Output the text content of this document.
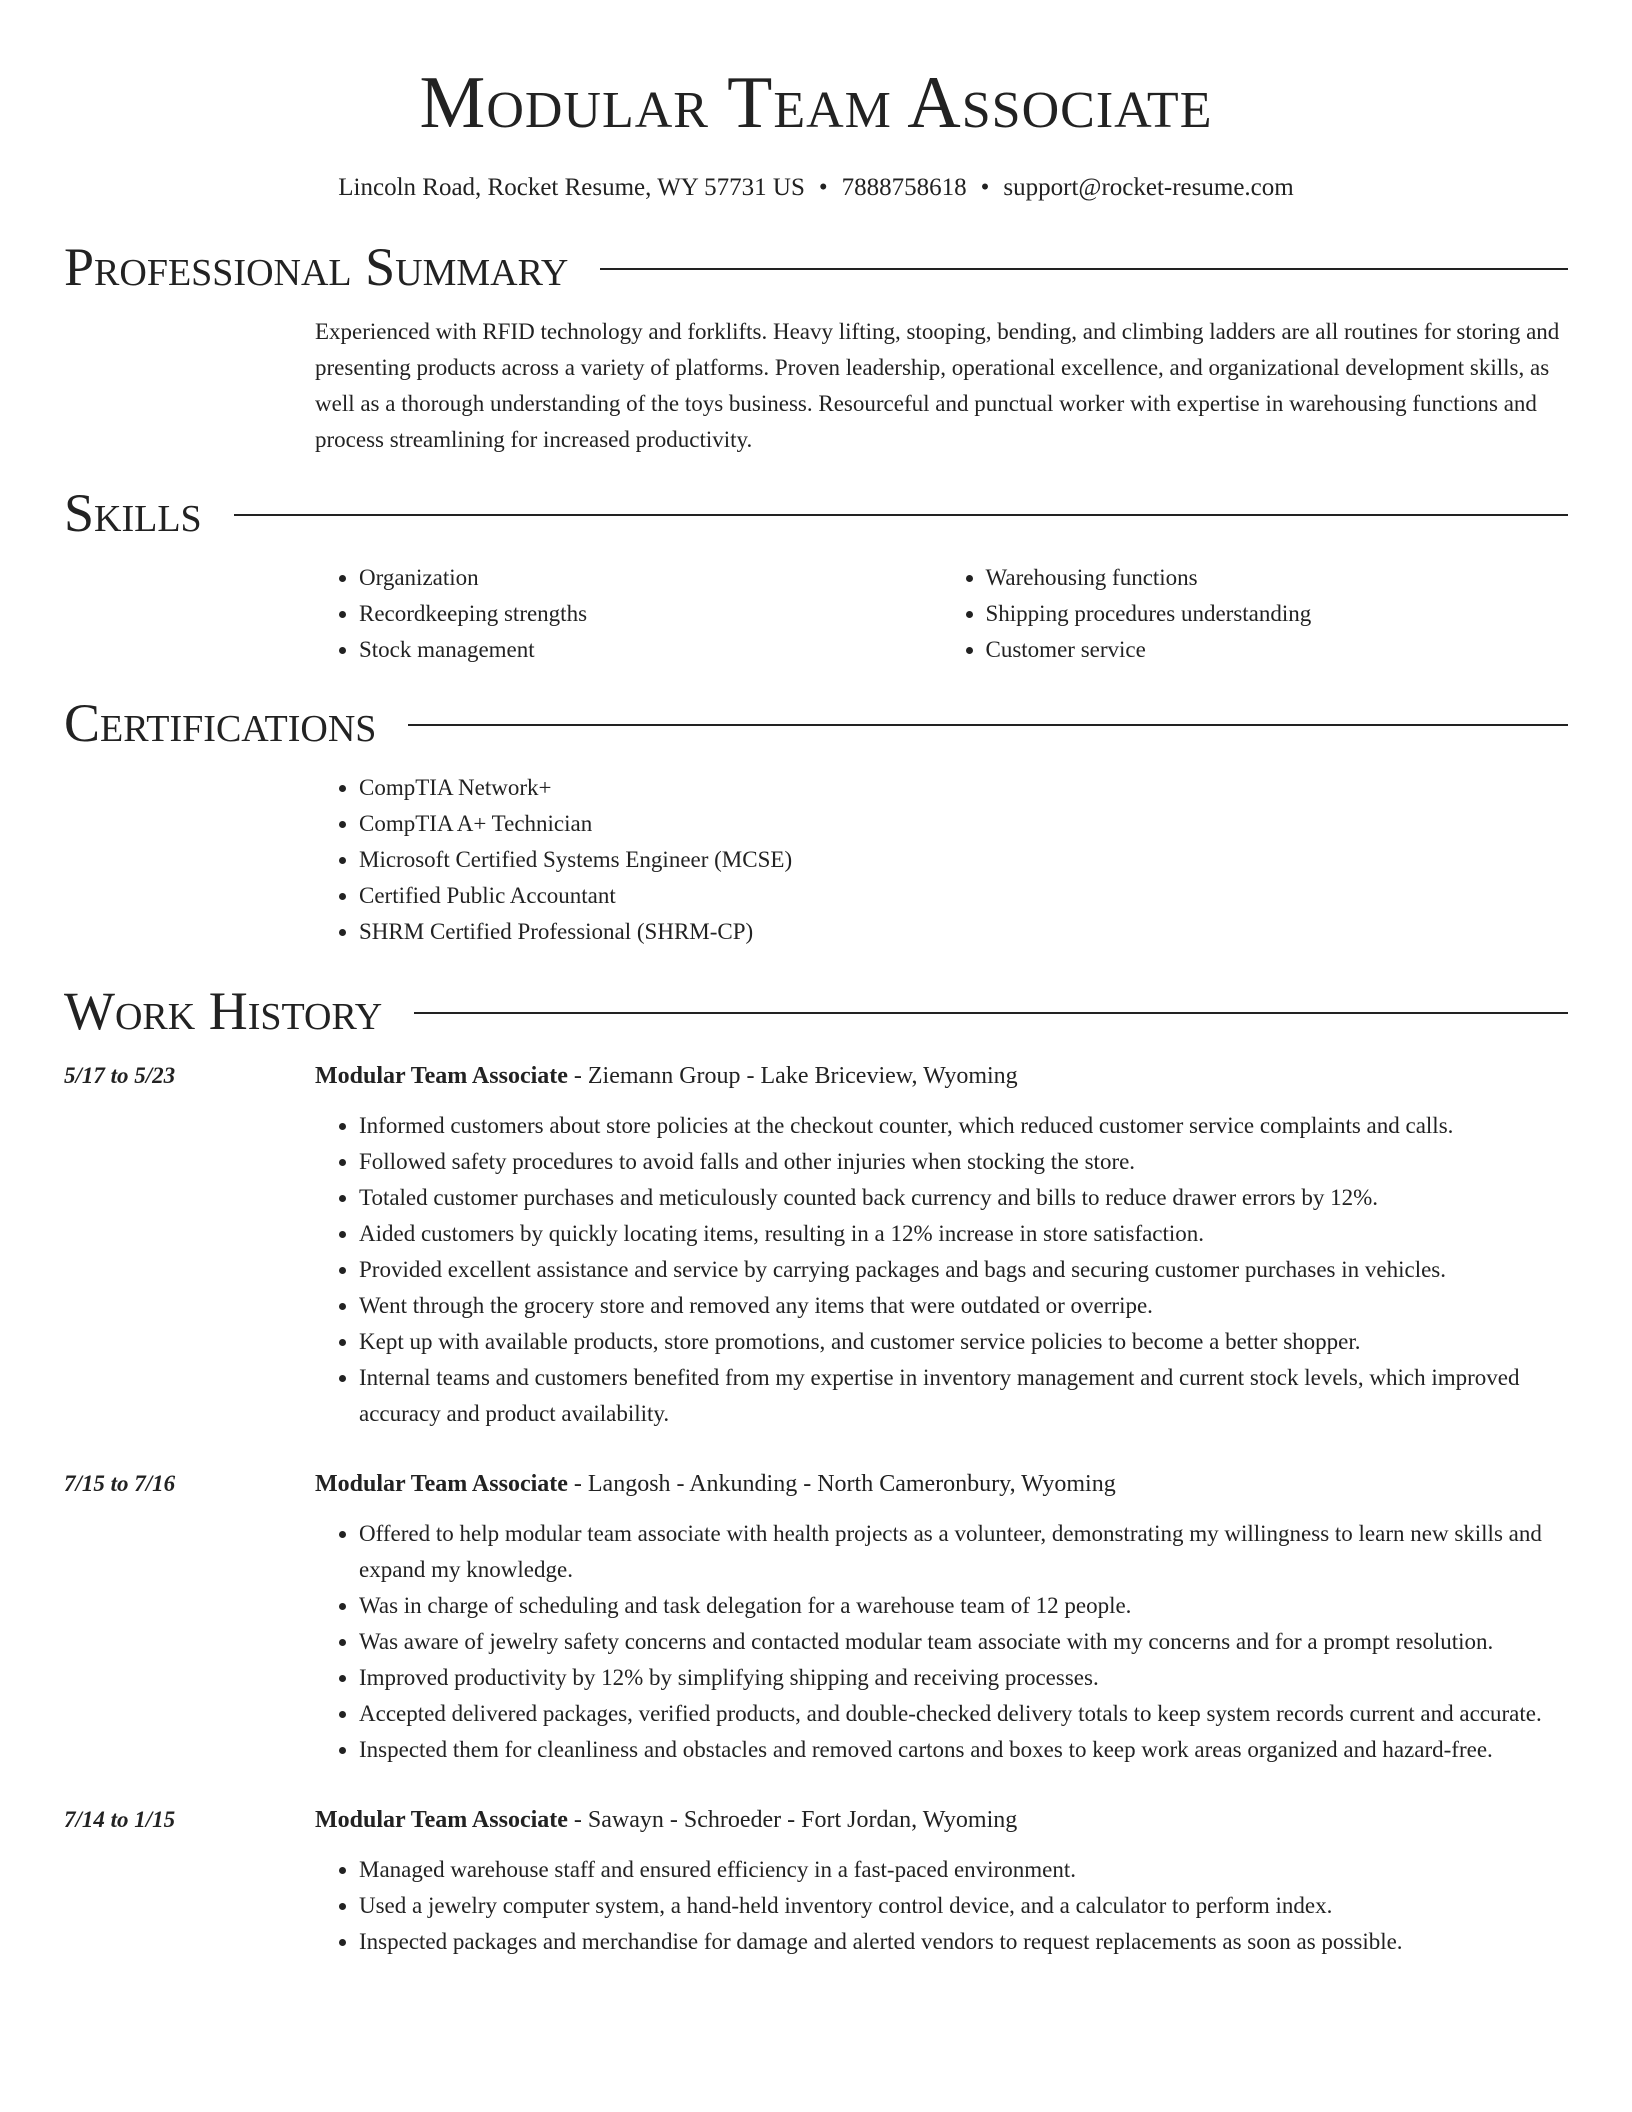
Modular Team Associate
Lincoln Road, Rocket Resume, WY 57731 US • 7888758618 • support@rocket-resume.com
Professional Summary

Experienced with RFID technology and forklifts. Heavy lifting, stooping, bending, and climbing ladders are all routines for storing and presenting products across a variety of platforms. Proven leadership, operational excellence, and organizational development skills, as well as a thorough understanding of the toys business. Resourceful and punctual worker with expertise in warehousing functions and process streamlining for increased productivity.

Skills
• Organization
• Recordkeeping strengths
• Stock management
• Warehousing functions
• Shipping procedures understanding
• Customer service
Certifications
• CompTIA Network+
• CompTIA A+ Technician
• Microsoft Certified Systems Engineer (MCSE)
• Certified Public Accountant
• SHRM Certified Professional (SHRM-CP)
Work History
5/17 to 5/23	Modular Team Associate - Ziemann Group - Lake Briceview, Wyoming
• Informed customers about store policies at the checkout counter, which reduced customer service complaints and calls.
• Followed safety procedures to avoid falls and other injuries when stocking the store.
• Totaled customer purchases and meticulously counted back currency and bills to reduce drawer errors by 12%.
• Aided customers by quickly locating items, resulting in a 12% increase in store satisfaction.
• Provided excellent assistance and service by carrying packages and bags and securing customer purchases in vehicles.
• Went through the grocery store and removed any items that were outdated or overripe.
• Kept up with available products, store promotions, and customer service policies to become a better shopper.
• Internal teams and customers benefited from my expertise in inventory management and current stock levels, which improved accuracy and product availability.
7/15 to 7/16	Modular Team Associate - Langosh - Ankunding - North Cameronbury, Wyoming
• Offered to help modular team associate with health projects as a volunteer, demonstrating my willingness to learn new skills and expand my knowledge.
• Was in charge of scheduling and task delegation for a warehouse team of 12 people.
• Was aware of jewelry safety concerns and contacted modular team associate with my concerns and for a prompt resolution.
• Improved productivity by 12% by simplifying shipping and receiving processes.
• Accepted delivered packages, verified products, and double-checked delivery totals to keep system records current and accurate.
• Inspected them for cleanliness and obstacles and removed cartons and boxes to keep work areas organized and hazard-free.
7/14 to 1/15	Modular Team Associate - Sawayn - Schroeder - Fort Jordan, Wyoming
• Managed warehouse staff and ensured efficiency in a fast-paced environment.
• Used a jewelry computer system, a hand-held inventory control device, and a calculator to perform index.
• Inspected packages and merchandise for damage and alerted vendors to request replacements as soon as possible.
